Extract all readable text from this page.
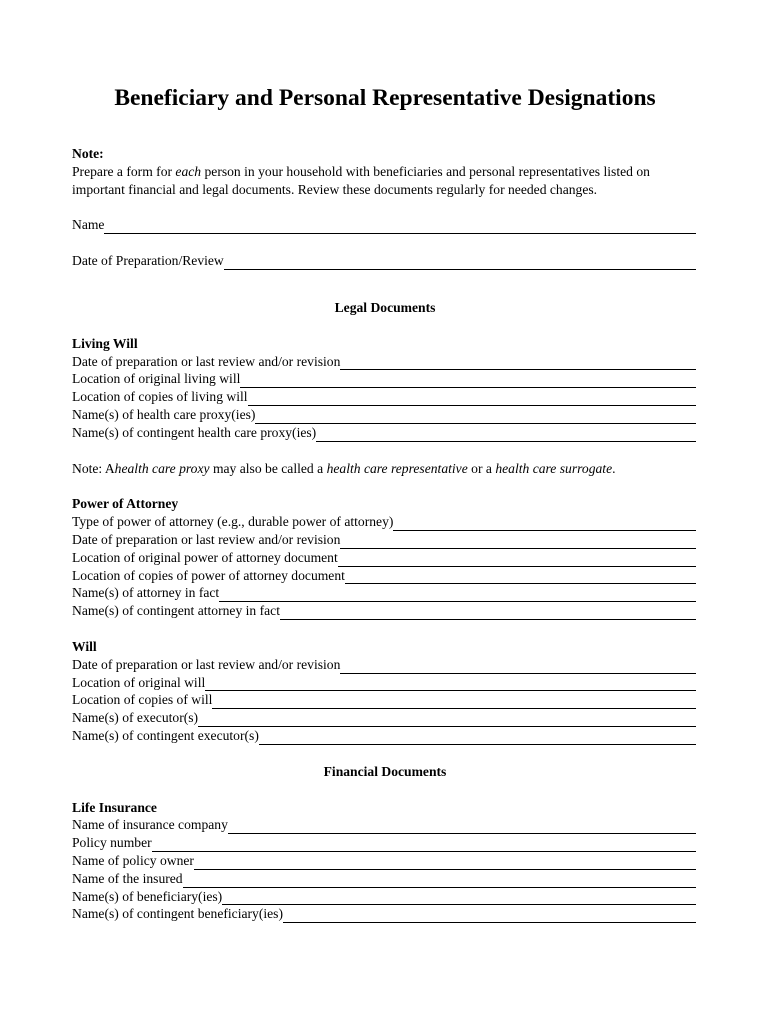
Beneficiary and Personal Representative Designations
Note:

Prepare a form for each person in your household with beneficiaries and personal representatives listed on important financial and legal documents. Review these documents regularly for needed changes.

Name
Date of Preparation/Review
Legal Documents
Living Will
Date of preparation or last review and/or revision
Location of original living will
Location of copies of living will
Name(s) of health care proxy(ies)
Name(s) of contingent health care proxy(ies)
Note: A health care proxy may also be called a health care representative or a health care surrogate .
Power of Attorney
Type of power of attorney (e.g., durable power of attorney)
Date of preparation or last review and/or revision
Location of original power of attorney document
Location of copies of power of attorney document
Name(s) of attorney in fact
Name(s) of contingent attorney in fact
Will
Date of preparation or last review and/or revision
Location of original will
Location of copies of will
Name(s) of executor(s)
Name(s) of contingent executor(s)
Financial Documents
Life Insurance
Name of insurance company
Policy number
Name of policy owner
Name of the insured
Name(s) of beneficiary(ies)
Name(s) of contingent beneficiary(ies)
